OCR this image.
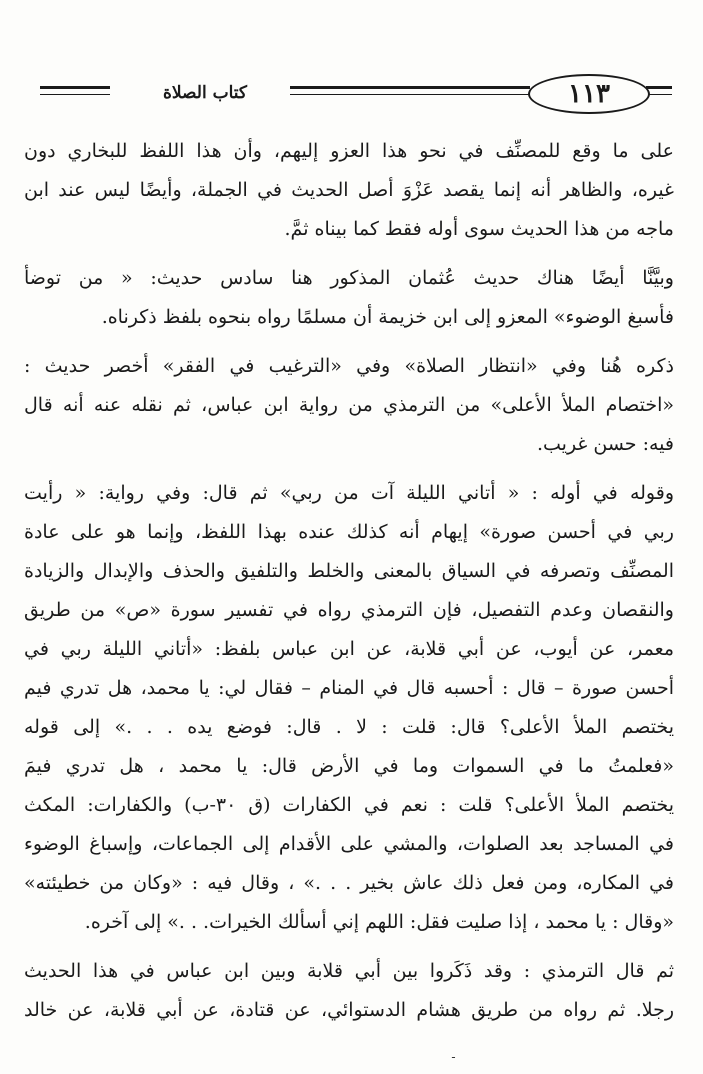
كتاب الصلاة	١١٣
على ما وقع للمصنِّف في نحو هذا العزو إليهم، وأن هذا اللفظ للبخاري دون
غيره، والظاهر أنه إنما يقصد عَزْوَ أصل الحديث في الجملة، وأيضًا ليس عند ابن
ماجه من هذا الحديث سوى أوله فقط كما بيناه ثمَّ.
وبيَّنَّا أيضًا هناك حديث عُثمان المذكور هنا سادس حديث: « من توضأ
فأسبغ الوضوء» المعزو إلى ابن خزيمة أن مسلمًا رواه بنحوه بلفظ ذكرناه.
ذكره هُنا وفي «انتظار الصلاة» وفي «الترغيب في الفقر» أخصر حديث :
«اختصام الملأ الأعلى» من الترمذي من رواية ابن عباس، ثم نقله عنه أنه قال
فيه: حسن غريب.
وقوله في أوله : « أتاني الليلة آت من ربي» ثم قال: وفي رواية: « رأيت
ربي في أحسن صورة» إيهام أنه كذلك عنده بهذا اللفظ، وإنما هو على عادة
المصنِّف وتصرفه في السياق بالمعنى والخلط والتلفيق والحذف والإبدال والزيادة
والنقصان وعدم التفصيل، فإن الترمذي رواه في تفسير سورة «ص» من طريق
معمر، عن أيوب، عن أبي قلابة، عن ابن عباس بلفظ: «أتاني الليلة ربي في
أحسن صورة – قال : أحسبه قال في المنام – فقال لي: يا محمد، هل تدري فيم
يختصم الملأ الأعلى؟ قال: قلت : لا . قال: فوضع يده . . .» إلى قوله
«فعلمتُ ما في السموات وما في الأرض قال: يا محمد ، هل تدري فيمَ
يختصم الملأ الأعلى؟ قلت : نعم في الكفارات (ق ٣٠-ب) والكفارات: المكث
في المساجد بعد الصلوات، والمشي على الأقدام إلى الجماعات، وإسباغ الوضوء
في المكاره، ومن فعل ذلك عاش بخير . . .» ، وقال فيه : «وكان من خطيئته»
«وقال : يا محمد ، إذا صليت فقل: اللهم إني أسألك الخيرات. . .» إلى آخره.
ثم قال الترمذي : وقد ذَكَروا بين أبي قلابة وبين ابن عباس في هذا الحديث
رجلا. ثم رواه من طريق هشام الدستوائي، عن قتادة، عن أبي قلابة، عن خالد
ـ
